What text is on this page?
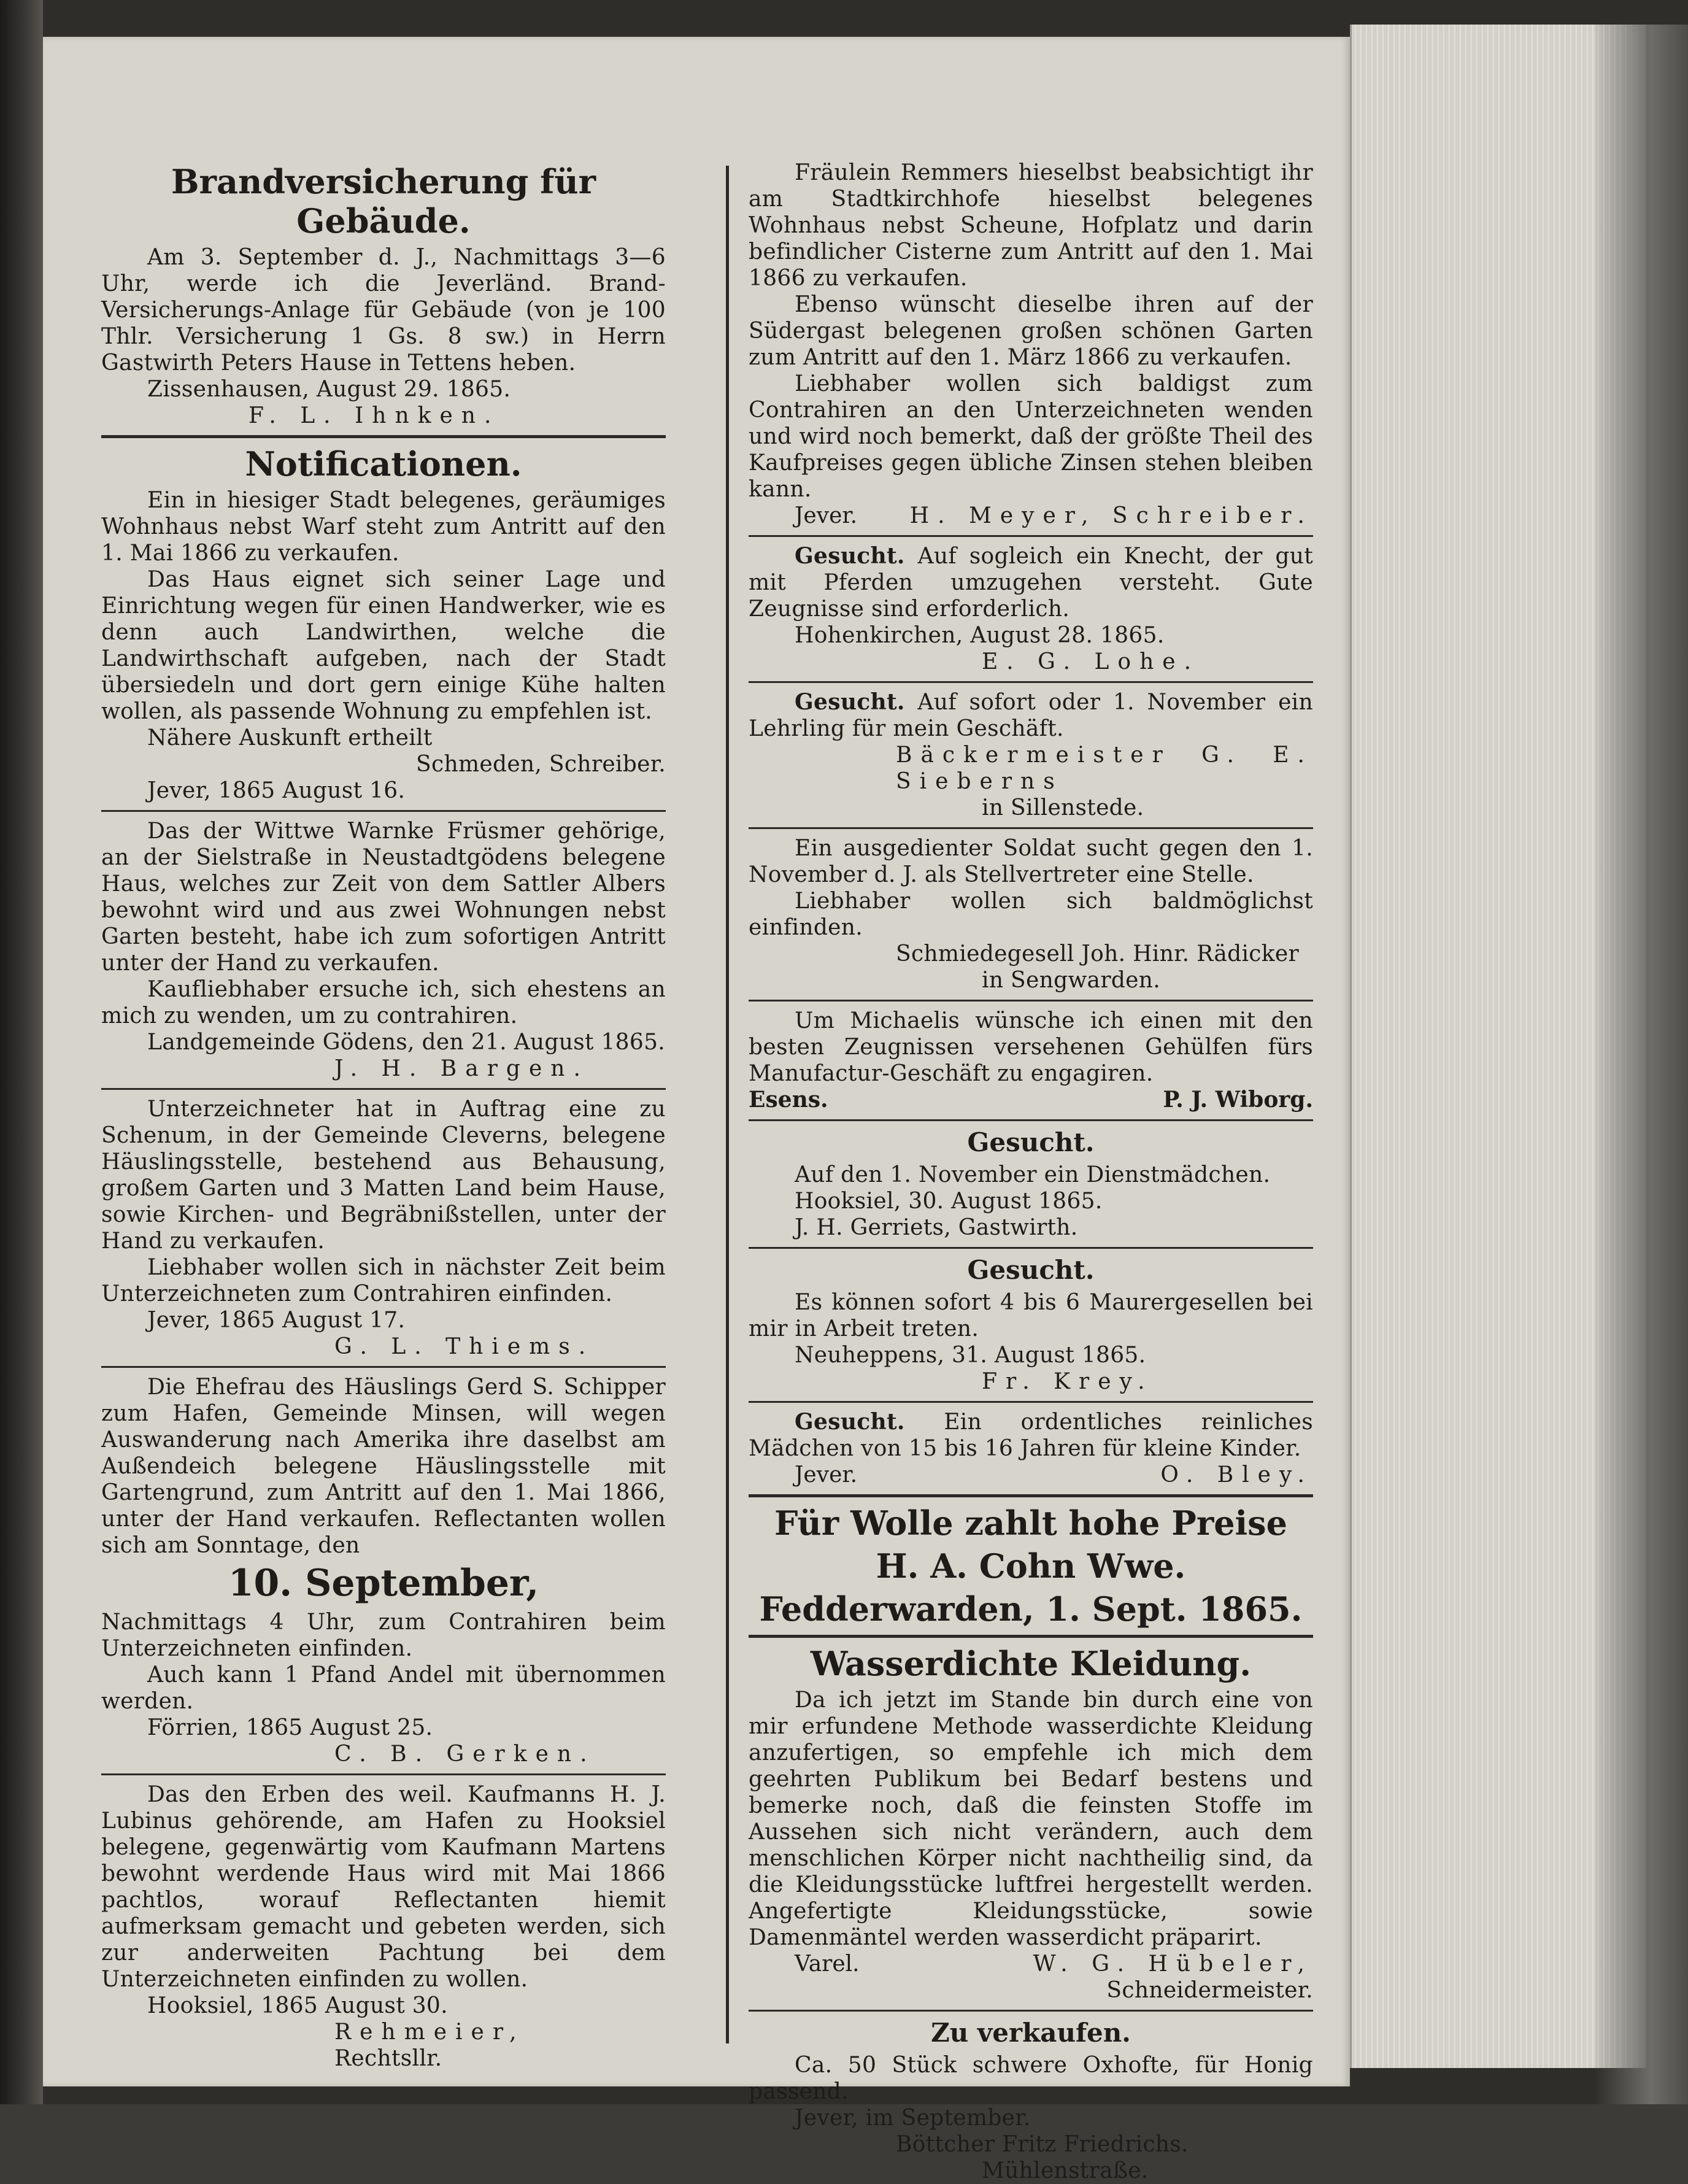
Brandversicherung für Gebäude.

Am 3. September d. J., Nachmittags 3—6 Uhr, werde ich die Jeverländ. Brand-Versicherungs-Anlage für Gebäude (von je 100 Thlr. Versicherung 1 Gs. 8 sw.) in Herrn Gastwirth Peters Hause in Tettens heben.

Zissenhausen, August 29. 1865.

F. L. Ihnken.

Notificationen.

Ein in hiesiger Stadt belegenes, geräumiges Wohnhaus nebst Warf steht zum Antritt auf den 1. Mai 1866 zu verkaufen.

Das Haus eignet sich seiner Lage und Einrichtung wegen für einen Handwerker, wie es denn auch Landwirthen, welche die Landwirthschaft aufgeben, nach der Stadt übersiedeln und dort gern einige Kühe halten wollen, als passende Wohnung zu empfehlen ist.

Nähere Auskunft ertheilt

Schmeden, Schreiber.

Jever, 1865 August 16.

Das der Wittwe Warnke Früsmer gehörige, an der Sielstraße in Neustadtgödens belegene Haus, welches zur Zeit von dem Sattler Albers bewohnt wird und aus zwei Wohnungen nebst Garten besteht, habe ich zum sofortigen Antritt unter der Hand zu verkaufen.

Kaufliebhaber ersuche ich, sich ehestens an mich zu wenden, um zu contrahiren.

Landgemeinde Gödens, den 21. August 1865.

J. H. Bargen.

Unterzeichneter hat in Auftrag eine zu Schenum, in der Gemeinde Cleverns, belegene Häuslingsstelle, bestehend aus Behausung, großem Garten und 3 Matten Land beim Hause, sowie Kirchen- und Begräbnißstellen, unter der Hand zu verkaufen.

Liebhaber wollen sich in nächster Zeit beim Unterzeichneten zum Contrahiren einfinden.

Jever, 1865 August 17.

G. L. Thiems.

Die Ehefrau des Häuslings Gerd S. Schipper zum Hafen, Gemeinde Minsen, will wegen Auswanderung nach Amerika ihre daselbst am Außendeich belegene Häuslingsstelle mit Gartengrund, zum Antritt auf den 1. Mai 1866, unter der Hand verkaufen. Reflectanten wollen sich am Sonntage, den

10. September,

Nachmittags 4 Uhr, zum Contrahiren beim Unterzeichneten einfinden.

Auch kann 1 Pfand Andel mit übernommen werden.

Förrien, 1865 August 25.

C. B. Gerken.

Das den Erben des weil. Kaufmanns H. J. Lubinus gehörende, am Hafen zu Hooksiel belegene, gegenwärtig vom Kaufmann Martens bewohnt werdende Haus wird mit Mai 1866 pachtlos, worauf Reflectanten hiemit aufmerksam gemacht und gebeten werden, sich zur anderweiten Pachtung bei dem Unterzeichneten einfinden zu wollen.

Hooksiel, 1865 August 30.

Rehmeier,

Rechtsllr.

Fräulein Remmers hieselbst beabsichtigt ihr am Stadtkirchhofe hieselbst belegenes Wohnhaus nebst Scheune, Hofplatz und darin befindlicher Cisterne zum Antritt auf den 1. Mai 1866 zu verkaufen.

Ebenso wünscht dieselbe ihren auf der Südergast belegenen großen schönen Garten zum Antritt auf den 1. März 1866 zu verkaufen.

Liebhaber wollen sich baldigst zum Contrahiren an den Unterzeichneten wenden und wird noch bemerkt, daß der größte Theil des Kaufpreises gegen übliche Zinsen stehen bleiben kann.

Jever. H. Meyer, Schreiber.

Gesucht. Auf sogleich ein Knecht, der gut mit Pferden umzugehen versteht. Gute Zeugnisse sind erforderlich.

Hohenkirchen, August 28. 1865.

E. G. Lohe.

Gesucht. Auf sofort oder 1. November ein Lehrling für mein Geschäft.

Bäckermeister G. E. Sieberns

in Sillenstede.

Ein ausgedienter Soldat sucht gegen den 1. November d. J. als Stellvertreter eine Stelle.

Liebhaber wollen sich baldmöglichst einfinden.

Schmiedegesell Joh. Hinr. Rädicker

in Sengwarden.

Um Michaelis wünsche ich einen mit den besten Zeugnissen versehenen Gehülfen fürs Manufactur-Geschäft zu engagiren.

Esens.	P. J. Wiborg.
Gesucht.

Auf den 1. November ein Dienstmädchen.

Hooksiel, 30. August 1865.

J. H. Gerriets, Gastwirth.

Gesucht.

Es können sofort 4 bis 6 Maurergesellen bei mir in Arbeit treten.

Neuheppens, 31. August 1865.

Fr. Krey.

Gesucht. Ein ordentliches reinliches Mädchen von 15 bis 16 Jahren für kleine Kinder.

Jever.	O. Bley.
Für Wolle zahlt hohe Preise
H. A. Cohn Wwe.
Fedderwarden, 1. Sept. 1865.
Wasserdichte Kleidung.

Da ich jetzt im Stande bin durch eine von mir erfundene Methode wasserdichte Kleidung anzufertigen, so empfehle ich mich dem geehrten Publikum bei Bedarf bestens und bemerke noch, daß die feinsten Stoffe im Aussehen sich nicht verändern, auch dem menschlichen Körper nicht nachtheilig sind, da die Kleidungsstücke luftfrei hergestellt werden. Angefertigte Kleidungsstücke, sowie Damenmäntel werden wasserdicht präparirt.

Varel.	W. G. Hübeler,

Schneidermeister.

Zu verkaufen.

Ca. 50 Stück schwere Oxhofte, für Honig passend.

Jever, im September.

Böttcher Fritz Friedrichs.

Mühlenstraße.
